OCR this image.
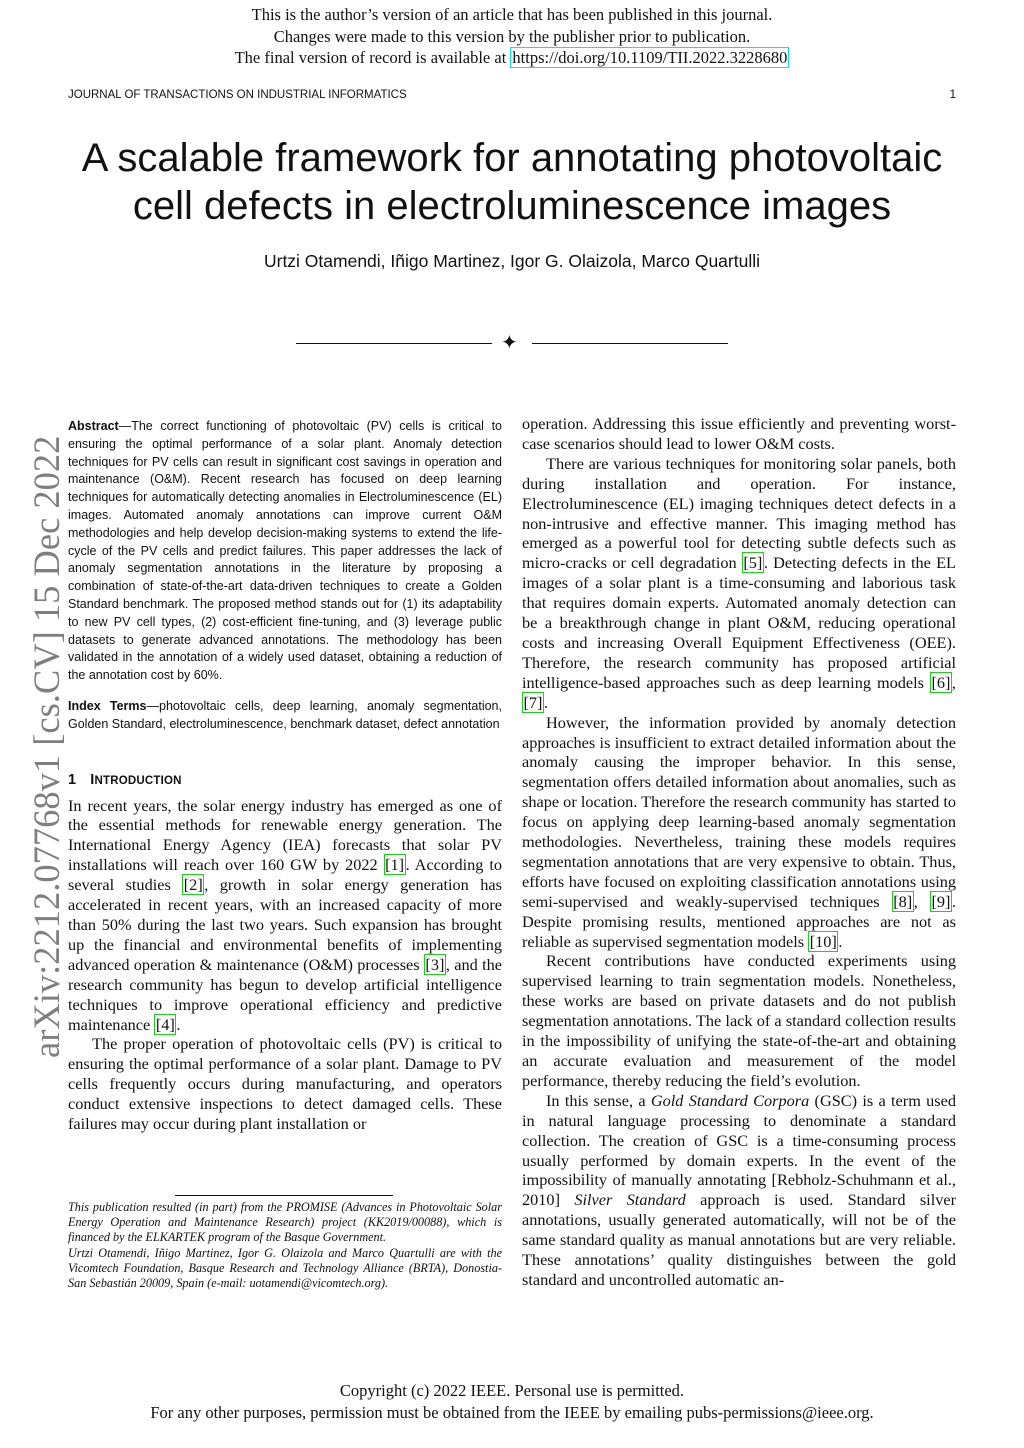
This is the author’s version of an article that has been published in this journal.
Changes were made to this version by the publisher prior to publication.
The final version of record is available at https://doi.org/10.1109/TII.2022.3228680
JOURNAL OF TRANSACTIONS ON INDUSTRIAL INFORMATICS	1
A scalable framework for annotating photovoltaic
cell defects in electroluminescence images
Urtzi Otamendi, Iñigo Martinez, Igor G. Olaizola, Marco Quartulli
✦
arXiv:2212.07768v1 [cs.CV] 15 Dec 2022

Abstract—The correct functioning of photovoltaic (PV) cells is critical to ensuring the optimal performance of a solar plant. Anomaly detection techniques for PV cells can result in significant cost savings in operation and maintenance (O&M). Recent research has focused on deep learning techniques for automatically detecting anomalies in Electroluminescence (EL) images. Automated anomaly annotations can improve current O&M methodologies and help develop decision-making systems to extend the life-cycle of the PV cells and predict failures. This paper addresses the lack of anomaly segmentation annotations in the literature by proposing a combination of state-of-the-art data-driven techniques to create a Golden Standard benchmark. The proposed method stands out for (1) its adaptability to new PV cell types, (2) cost-efficient fine-tuning, and (3) leverage public datasets to generate advanced annotations. The methodology has been validated in the annotation of a widely used dataset, obtaining a reduction of the annotation cost by 60%.

Index Terms—photovoltaic cells, deep learning, anomaly segmentation, Golden Standard, electroluminescence, benchmark dataset, defect annotation

1 INTRODUCTION

In recent years, the solar energy industry has emerged as one of the essential methods for renewable energy generation. The International Energy Agency (IEA) forecasts that solar PV installations will reach over 160 GW by 2022 [1]. According to several studies [2], growth in solar energy generation has accelerated in recent years, with an increased capacity of more than 50% during the last two years. Such expansion has brought up the financial and environmental benefits of implementing advanced operation & maintenance (O&M) processes [3], and the research community has begun to develop artificial intelligence techniques to improve operational efficiency and predictive maintenance [4].

The proper operation of photovoltaic cells (PV) is critical to ensuring the optimal performance of a solar plant. Damage to PV cells frequently occurs during manufacturing, and operators conduct extensive inspections to detect damaged cells. These failures may occur during plant installation or

This publication resulted (in part) from the PROMISE (Advances in Photovoltaic Solar Energy Operation and Maintenance Research) project (KK2019/00088), which is financed by the ELKARTEK program of the Basque Government.

Urtzi Otamendi, Iñigo Martinez, Igor G. Olaizola and Marco Quartulli are with the Vicomtech Foundation, Basque Research and Technology Alliance (BRTA), Donostia-San Sebastián 20009, Spain (e-mail: uotamendi@vicomtech.org).

operation. Addressing this issue efficiently and preventing worst-case scenarios should lead to lower O&M costs.

There are various techniques for monitoring solar panels, both during installation and operation. For instance, Electroluminescence (EL) imaging techniques detect defects in a non-intrusive and effective manner. This imaging method has emerged as a powerful tool for detecting subtle defects such as micro-cracks or cell degradation [5]. Detecting defects in the EL images of a solar plant is a time-consuming and laborious task that requires domain experts. Automated anomaly detection can be a breakthrough change in plant O&M, reducing operational costs and increasing Overall Equipment Effectiveness (OEE). Therefore, the research community has proposed artificial intelligence-based approaches such as deep learning models [6], [7].

However, the information provided by anomaly detection approaches is insufficient to extract detailed information about the anomaly causing the improper behavior. In this sense, segmentation offers detailed information about anomalies, such as shape or location. Therefore the research community has started to focus on applying deep learning-based anomaly segmentation methodologies. Nevertheless, training these models requires segmentation annotations that are very expensive to obtain. Thus, efforts have focused on exploiting classification annotations using semi-supervised and weakly-supervised techniques [8], [9]. Despite promising results, mentioned approaches are not as reliable as supervised segmentation models [10].

Recent contributions have conducted experiments using supervised learning to train segmentation models. Nonetheless, these works are based on private datasets and do not publish segmentation annotations. The lack of a standard collection results in the impossibility of unifying the state-of-the-art and obtaining an accurate evaluation and measurement of the model performance, thereby reducing the field’s evolution.

In this sense, a Gold Standard Corpora (GSC) is a term used in natural language processing to denominate a standard collection. The creation of GSC is a time-consuming process usually performed by domain experts. In the event of the impossibility of manually annotating [Rebholz-Schuhmann et al., 2010] Silver Standard approach is used. Standard silver annotations, usually generated automatically, will not be of the same standard quality as manual annotations but are very reliable. These annotations’ quality distinguishes between the gold standard and uncontrolled automatic an-

Copyright (c) 2022 IEEE. Personal use is permitted.
For any other purposes, permission must be obtained from the IEEE by emailing pubs-permissions@ieee.org.
